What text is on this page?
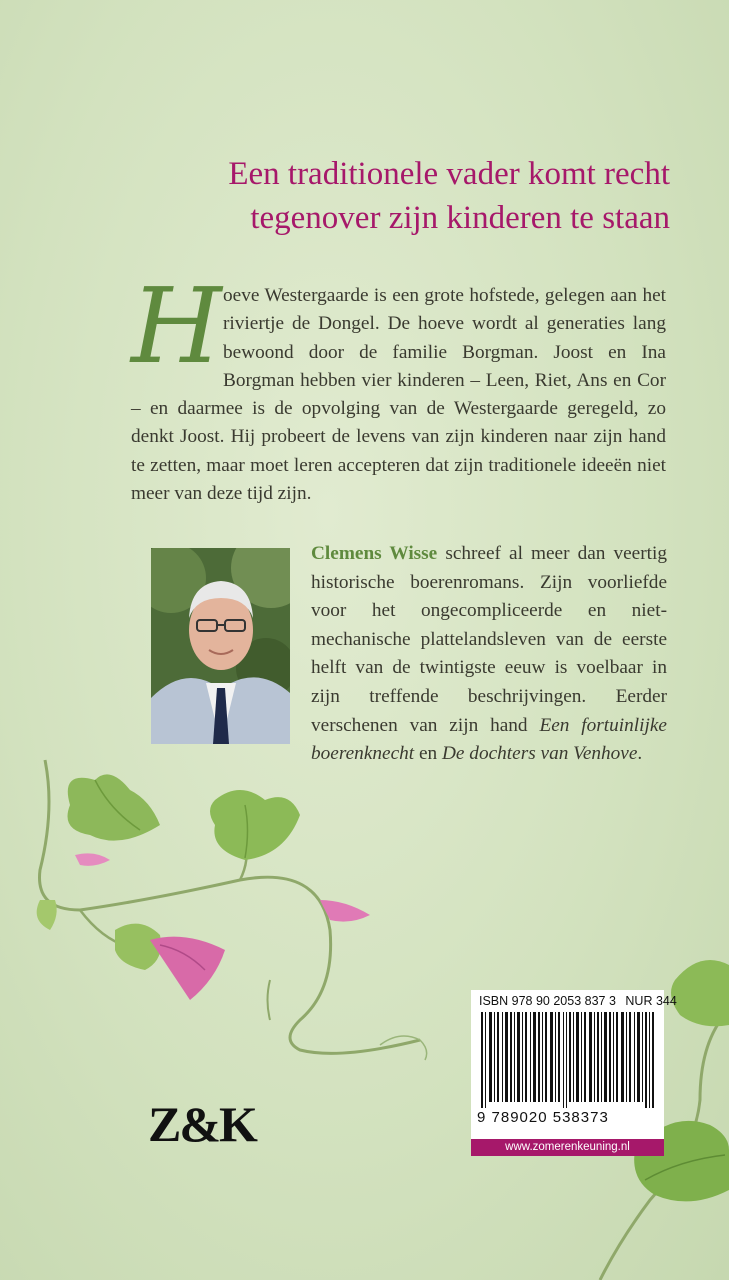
Een traditionele vader komt recht
tegenover zijn kinderen te staan
H oeve Westergaarde is een grote hofstede, gelegen aan het riviertje de Dongel. De hoeve wordt al generaties lang bewoond door de familie Borgman. Joost en Ina Borgman hebben vier kinderen – Leen, Riet, Ans en Cor – en daarmee is de opvolging van de Westergaarde geregeld, zo denkt Joost. Hij probeert de levens van zijn kinderen naar zijn hand te zetten, maar moet leren accepteren dat zijn traditionele ideeën niet meer van deze tijd zijn.
Clemens Wisse schreef al meer dan veertig historische boerenromans. Zijn voorliefde voor het ongecompliceerde en niet-mechanische plattelandsleven van de eerste helft van de twintigste eeuw is voelbaar in zijn treffende beschrijvingen. Eerder verschenen van zijn hand Een fortuinlijke boerenknecht en De dochters van Venhove.
Z&K
ISBN 978 90 2053 837 3 NUR 344
9 789020 538373
www.zomerenkeuning.nl
